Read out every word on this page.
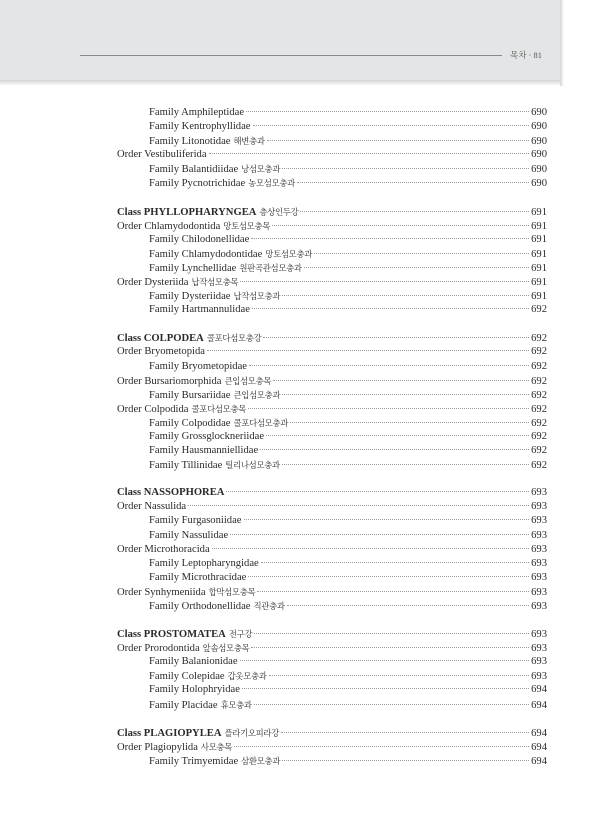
목차 · 81
Family Amphileptidae	690
Family Kentrophyllidae	690
Family Litonotidae 해변충과	690
Order Vestibuliferida	690
Family Balantidiidae 낭섬모충과	690
Family Pycnotrichidae 농모섬모충과	690
Class PHYLLOPHARYNGEA 층상인두강	691
Order Chlamydodontida 망토섬모충목	691
Family Chilodonellidae	691
Family Chlamydodontidae 망토섬모충과	691
Family Lynchellidae 원판곡관섬모충과	691
Order Dysteriida 납작섬모충목	691
Family Dysteriidae 납작섬모충과	691
Family Hartmannulidae	692
Class COLPODEA 콜포다섬모충강	692
Order Bryometopida	692
Family Bryometopidae	692
Order Bursariomorphida 큰입섬모충목	692
Family Bursariidae 큰입섬모충과	692
Order Colpodida 콜포다섬모충목	692
Family Colpodidae 콜포다섬모충과	692
Family Grossglockneriidae	692
Family Hausmanniellidae	692
Family Tillinidae 틸리나섬모충과	692
Class NASSOPHOREA	693
Order Nassulida	693
Family Furgasoniidae	693
Family Nassulidae	693
Order Microthoracida	693
Family Leptopharyngidae	693
Family Microthracidae	693
Order Synhymeniida 합막섬모충목	693
Family Orthodonellidae 직관충과	693
Class PROSTOMATEA 전구강	693
Order Prorodontida 앞솜섬모충목	693
Family Balanionidae	693
Family Colepidae 갑옷모충과	693
Family Holophryidae	694
Family Placidae 휴모충과	694
Class PLAGIOPYLEA 플라기오피라강	694
Order Plagiopylida 사모충목	694
Family Trimyemidae 삼환모충과	694
